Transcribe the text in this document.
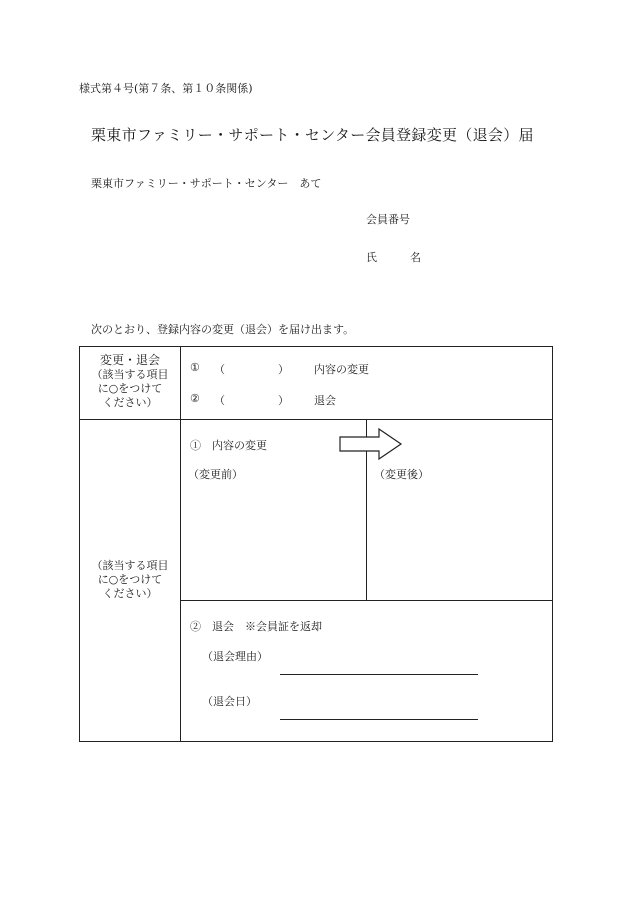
様式第４号(第７条、第１０条関係)
栗東市ファミリー・サポート・センター会員登録変更（退会）届
栗東市ファミリー・サポート・センター　あて
会員番号
氏	名
次のとおり、登録内容の変更（退会）を届け出ます。
変更・退会
（該当する項目
に○をつけて
ください）
① （	） 内容の変更
② （	） 退会
（該当する項目
に○をつけて
ください）
①　内容の変更
（変更前）	（変更後）
②　退会　※会員証を返却
（退会理由）
（退会日）
